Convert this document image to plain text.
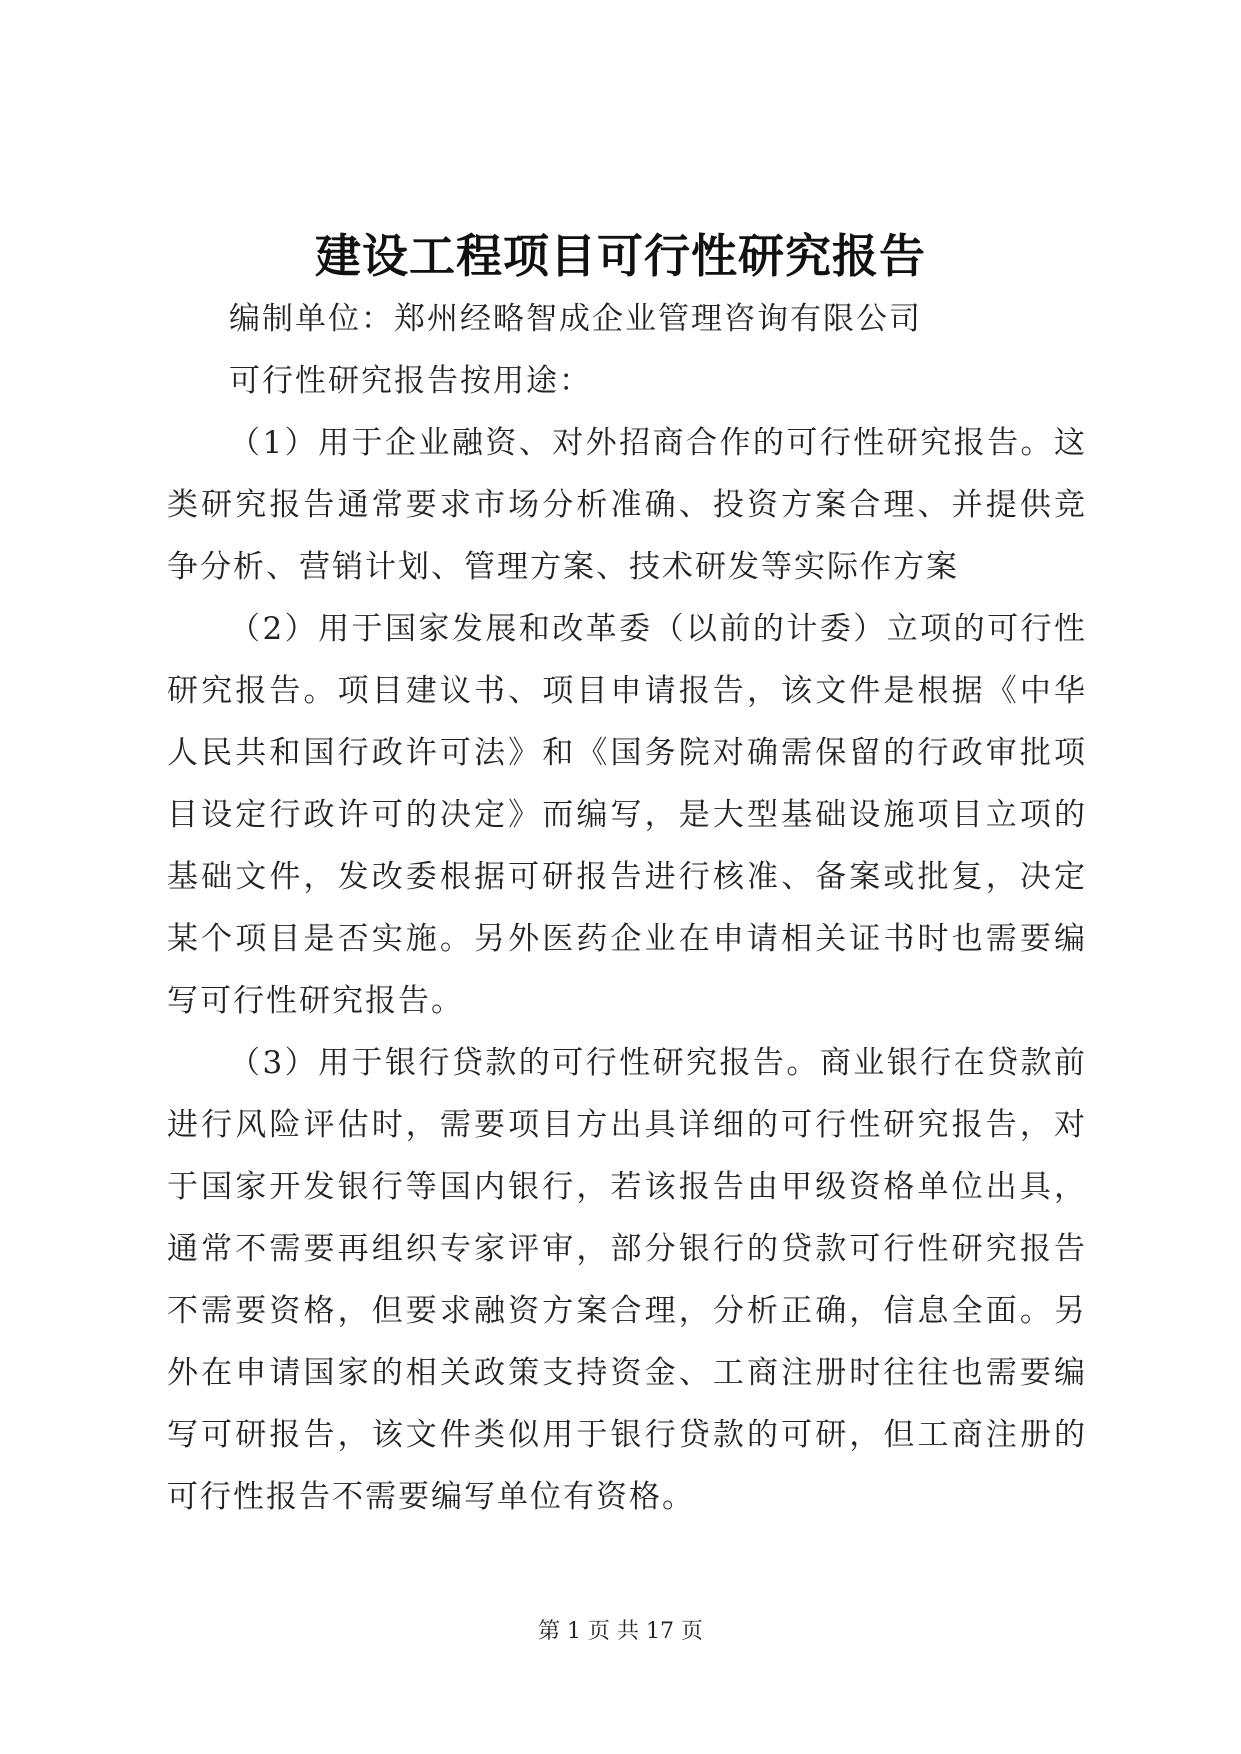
建设工程项目可行性研究报告

编制单位：郑州经略智成企业管理咨询有限公司

可行性研究报告按用途：

（1）用于企业融资、对外招商合作的可行性研究报告。这类研究报告通常要求市场分析准确、投资方案合理、并提供竞争分析、营销计划、管理方案、技术研发等实际作方案

（2）用于国家发展和改革委（以前的计委）立项的可行性研究报告。项目建议书、项目申请报告，该文件是根据《中华人民共和国行政许可法》和《国务院对确需保留的行政审批项目设定行政许可的决定》而编写，是大型基础设施项目立项的基础文件，发改委根据可研报告进行核准、备案或批复，决定某个项目是否实施。另外医药企业在申请相关证书时也需要编写可行性研究报告。

（3）用于银行贷款的可行性研究报告。商业银行在贷款前进行风险评估时，需要项目方出具详细的可行性研究报告，对于国家开发银行等国内银行，若该报告由甲级资格单位出具，通常不需要再组织专家评审，部分银行的贷款可行性研究报告不需要资格，但要求融资方案合理，分析正确，信息全面。另外在申请国家的相关政策支持资金、工商注册时往往也需要编写可研报告，该文件类似用于银行贷款的可研，但工商注册的可行性报告不需要编写单位有资格。

第 1 页 共 17 页
